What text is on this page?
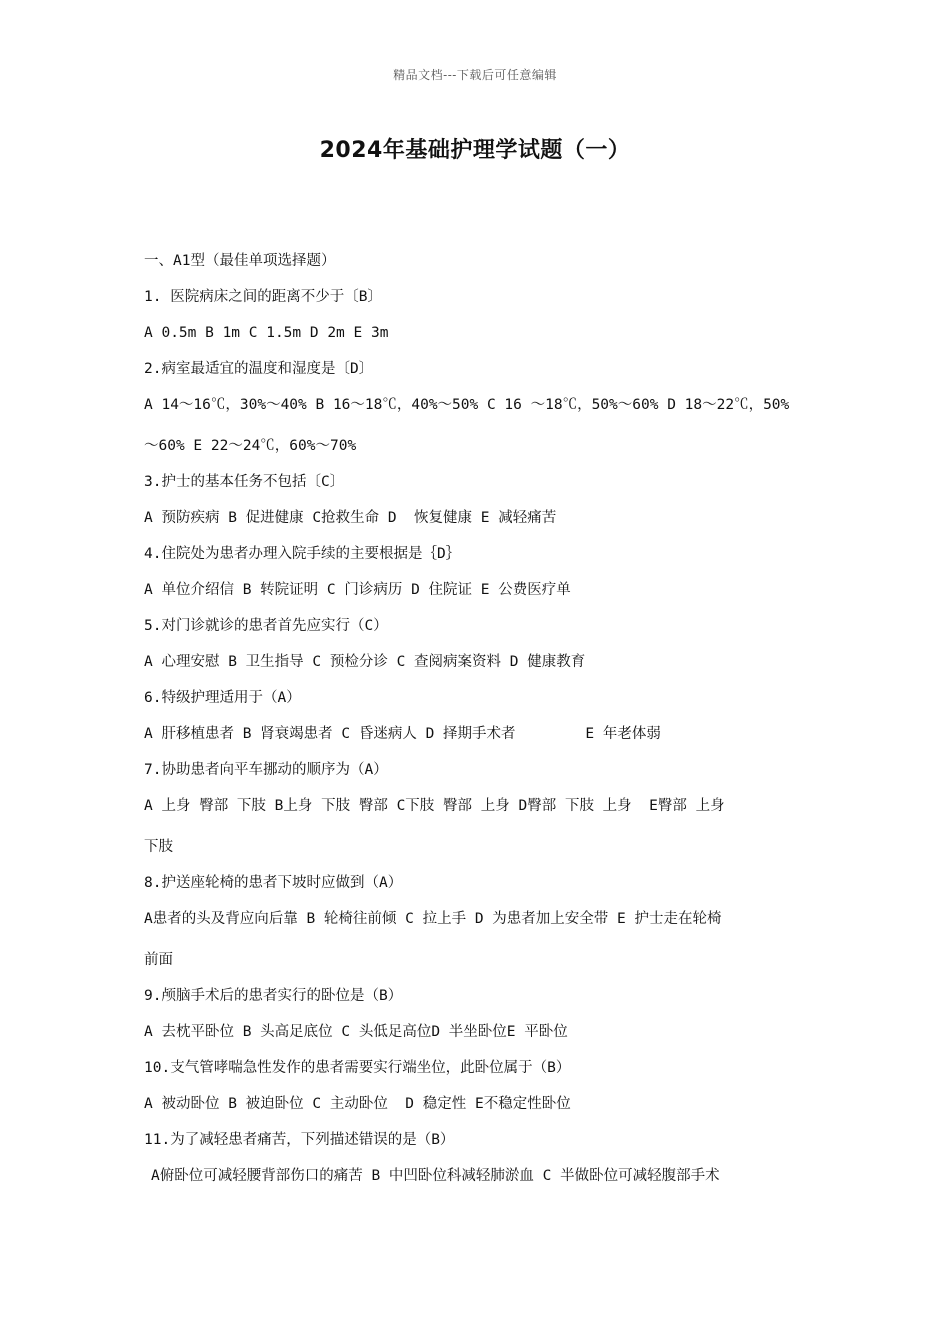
精品文档---下载后可任意编辑
2024年基础护理学试题（一）
一、A1型（最佳单项选择题）
1. 医院病床之间的距离不少于〔B〕
A 0.5m B 1m C 1.5m D 2m E 3m
2.病室最适宜的温度和湿度是〔D〕
A 14～16℃，30%～40% B 16～18℃，40%～50% C 16 ～18℃，50%～60% D 18～22℃，50%
～60% E 22～24℃，60%～70%
3.护士的基本任务不包括〔C〕
A 预防疾病 B 促进健康 C抢救生命 D  恢复健康 E 减轻痛苦
4.住院处为患者办理入院手续的主要根据是｛D｝
A 单位介绍信 B 转院证明 C 门诊病历 D 住院证 E 公费医疗单
5.对门诊就诊的患者首先应实行（C）
A 心理安慰 B 卫生指导 C 预检分诊 C 查阅病案资料 D 健康教育
6.特级护理适用于（A）
A 肝移植患者 B 肾衰竭患者 C 昏迷病人 D 择期手术者        E 年老体弱
7.协助患者向平车挪动的顺序为（A）
A 上身 臀部 下肢 B上身 下肢 臀部 C下肢 臀部 上身 D臀部 下肢 上身  E臀部 上身
下肢
8.护送座轮椅的患者下坡时应做到（A）
A患者的头及背应向后靠 B 轮椅往前倾 C 拉上手 D 为患者加上安全带 E 护士走在轮椅
前面
9.颅脑手术后的患者实行的卧位是（B）
A 去枕平卧位 B 头高足底位 C 头低足高位D 半坐卧位E 平卧位
10.支气管哮喘急性发作的患者需要实行端坐位，此卧位属于（B）
A 被动卧位 B 被迫卧位 C 主动卧位  D 稳定性 E不稳定性卧位
11.为了减轻患者痛苦，下列描述错误的是（B）
A俯卧位可减轻腰背部伤口的痛苦 B 中凹卧位科减轻肺淤血 C 半做卧位可减轻腹部手术
